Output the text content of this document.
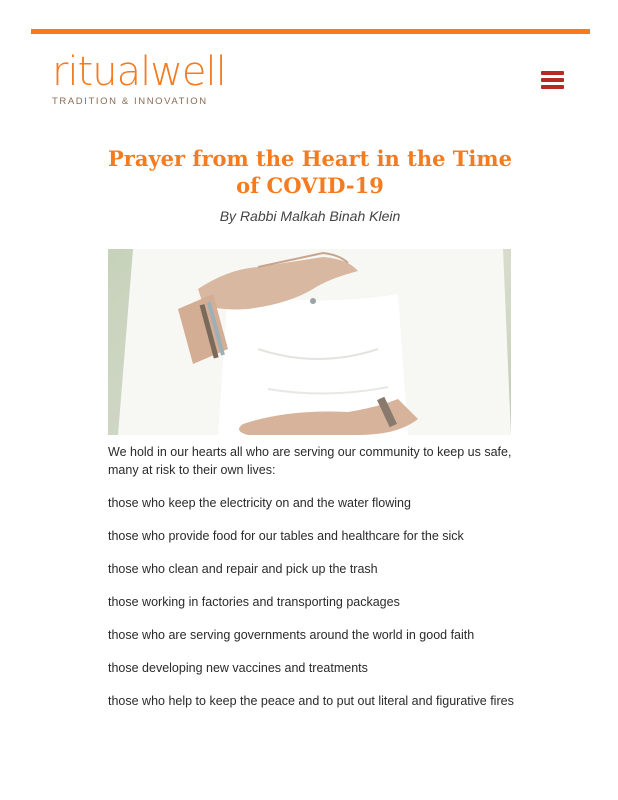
ritualwell
TRADITION & INNOVATION
Prayer from the Heart in the Time of COVID-19
By Rabbi Malkah Binah Klein

We hold in our hearts all who are serving our community to keep us safe, many at risk to their own lives:

those who keep the electricity on and the water flowing

those who provide food for our tables and healthcare for the sick

those who clean and repair and pick up the trash

those working in factories and transporting packages

those who are serving governments around the world in good faith

those developing new vaccines and treatments

those who help to keep the peace and to put out literal and figurative fires
